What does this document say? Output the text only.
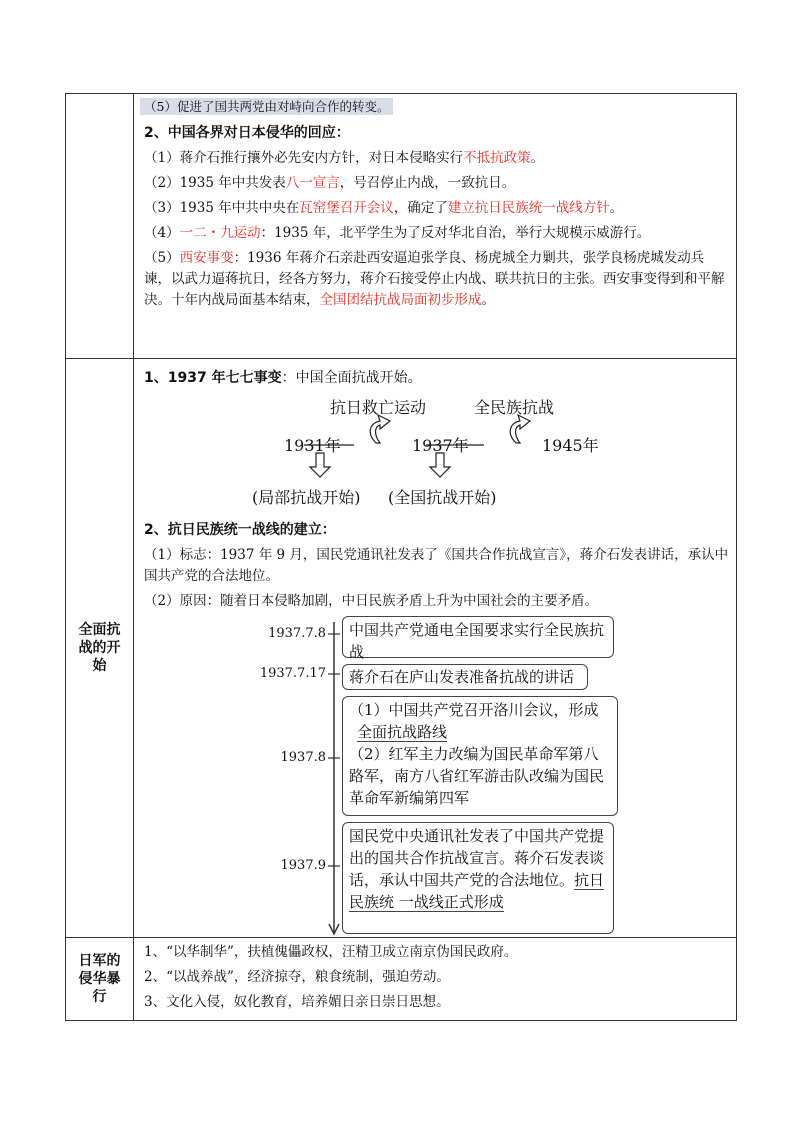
（5）促进了国共两党由对峙向合作的转变。
2、中国各界对日本侵华的回应：
（1）蒋介石推行攘外必先安内方针，对日本侵略实行不抵抗政策。
（2）1935 年中共发表八一宣言，号召停止内战，一致抗日。
（3）1935 年中共中央在瓦窑堡召开会议，确定了建立抗日民族统一战线方针。
（4）一二・九运动：1935 年，北平学生为了反对华北自治，举行大规模示威游行。
（5）西安事变：1936 年蒋介石亲赴西安逼迫张学良、杨虎城全力剿共，张学良杨虎城发动兵谏，以武力逼蒋抗日，经各方努力，蒋介石接受停止内战、联共抗日的主张。西安事变得到和平解决。十年内战局面基本结束，全国团结抗战局面初步形成。
全面抗战的开始
1、1937 年七七事变：中国全面抗战开始。
抗日救亡运动	全民族抗战
1931年	1937年	1945年
(局部抗战开始) (全国抗战开始)
2、抗日民族统一战线的建立：
（1）标志：1937 年 9 月，国民党通讯社发表了《国共合作抗战宣言》，蒋介石发表讲话，承认中国共产党的合法地位。
（2）原因：随着日本侵略加剧，中日民族矛盾上升为中国社会的主要矛盾。
1937.7.8	中国共产党通电全国要求实行全民族抗战
1937.7.17	蒋介石在庐山发表准备抗战的讲话
1937.8
（1）中国共产党召开洛川会议，形成
全面抗战路线
（2）红军主力改编为国民革命军第八路军，南方八省红军游击队改编为国民革命军新编第四军
1937.9
国民党中央通讯社发表了中国共产党提出的国共合作抗战宣言。蒋介石发表谈话，承认中国共产党的合法地位。抗日民族统 一战线正式形成
日军的侵华暴行
1、“以华制华”，扶植傀儡政权，汪精卫成立南京伪国民政府。
2、“以战养战”，经济掠夺，粮食统制，强迫劳动。
3、文化入侵，奴化教育，培养媚日亲日崇日思想。
